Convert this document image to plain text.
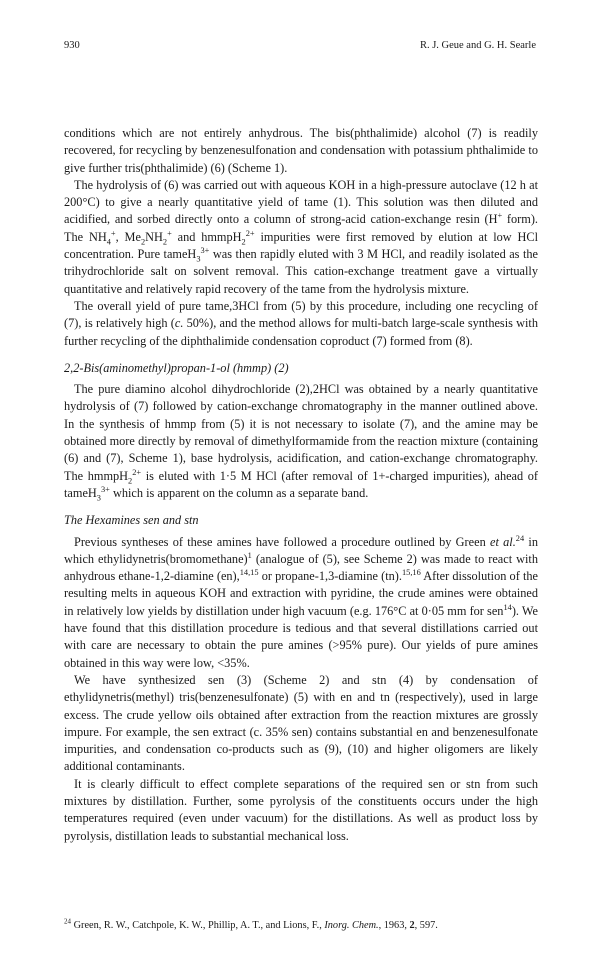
930	R. J. Geue and G. H. Searle

conditions which are not entirely anhydrous. The bis(phthalimide) alcohol (7) is readily recovered, for recycling by benzenesulfonation and condensation with potassium phthalimide to give further tris(phthalimide) (6) (Scheme 1).

The hydrolysis of (6) was carried out with aqueous KOH in a high-pressure autoclave (12 h at 200°C) to give a nearly quantitative yield of tame (1). This solution was then diluted and acidified, and sorbed directly onto a column of strong-acid cation-exchange resin (H+ form). The $NH_4^+$, $Me_2NH_2^+$ and hmmpH$_2^{2+}$ impurities were first removed by elution at low HCl concentration. Pure tameH$_3^{3+}$ was then rapidly eluted with 3 M HCl, and readily isolated as the trihydrochloride salt on solvent removal. This cation-exchange treatment gave a virtually quantitative and relatively rapid recovery of the tame from the hydrolysis mixture.

The overall yield of pure tame,3HCl from (5) by this procedure, including one recycling of (7), is relatively high (c. 50%), and the method allows for multi-batch large-scale synthesis with further recycling of the diphthalimide condensation coproduct (7) formed from (8).

2,2-Bis(aminomethyl)propan-1-ol (hmmp) (2)

The pure diamino alcohol dihydrochloride (2),2HCl was obtained by a nearly quantitative hydrolysis of (7) followed by cation-exchange chromatography in the manner outlined above. In the synthesis of hmmp from (5) it is not necessary to isolate (7), and the amine may be obtained more directly by removal of dimethylformamide from the reaction mixture (containing (6) and (7), Scheme 1), base hydrolysis, acidification, and cation-exchange chromatography. The hmmpH$_2^{2+}$ is eluted with 1·5 M HCl (after removal of 1+-charged impurities), ahead of tameH$_3^{3+}$ which is apparent on the column as a separate band.

The Hexamines sen and stn

Previous syntheses of these amines have followed a procedure outlined by Green et al.$^{24}$ in which ethylidynetris(bromomethane)$^1$ (analogue of (5), see Scheme 2) was made to react with anhydrous ethane-1,2-diamine (en),$^{14,15}$ or propane-1,3-diamine (tn).$^{15,16}$ After dissolution of the resulting melts in aqueous KOH and extraction with pyridine, the crude amines were obtained in relatively low yields by distillation under high vacuum (e.g. 176°C at 0·05 mm for sen$^{14}$). We have found that this distillation procedure is tedious and that several distillations carried out with care are necessary to obtain the pure amines (>95% pure). Our yields of pure amines obtained in this way were low, <35%.

We have synthesized sen (3) (Scheme 2) and stn (4) by condensation of ethylidynetris(methyl) tris(benzenesulfonate) (5) with en and tn (respectively), used in large excess. The crude yellow oils obtained after extraction from the reaction mixtures are grossly impure. For example, the sen extract (c. 35% sen) contains substantial en and benzenesulfonate impurities, and condensation co-products such as (9), (10) and higher oligomers are likely additional contaminants.

It is clearly difficult to effect complete separations of the required sen or stn from such mixtures by distillation. Further, some pyrolysis of the constituents occurs under the high temperatures required (even under vacuum) for the distillations. As well as product loss by pyrolysis, distillation leads to substantial mechanical loss.

$^{24}$ Green, R. W., Catchpole, K. W., Phillip, A. T., and Lions, F., Inorg. Chem., 1963, 2, 597.
